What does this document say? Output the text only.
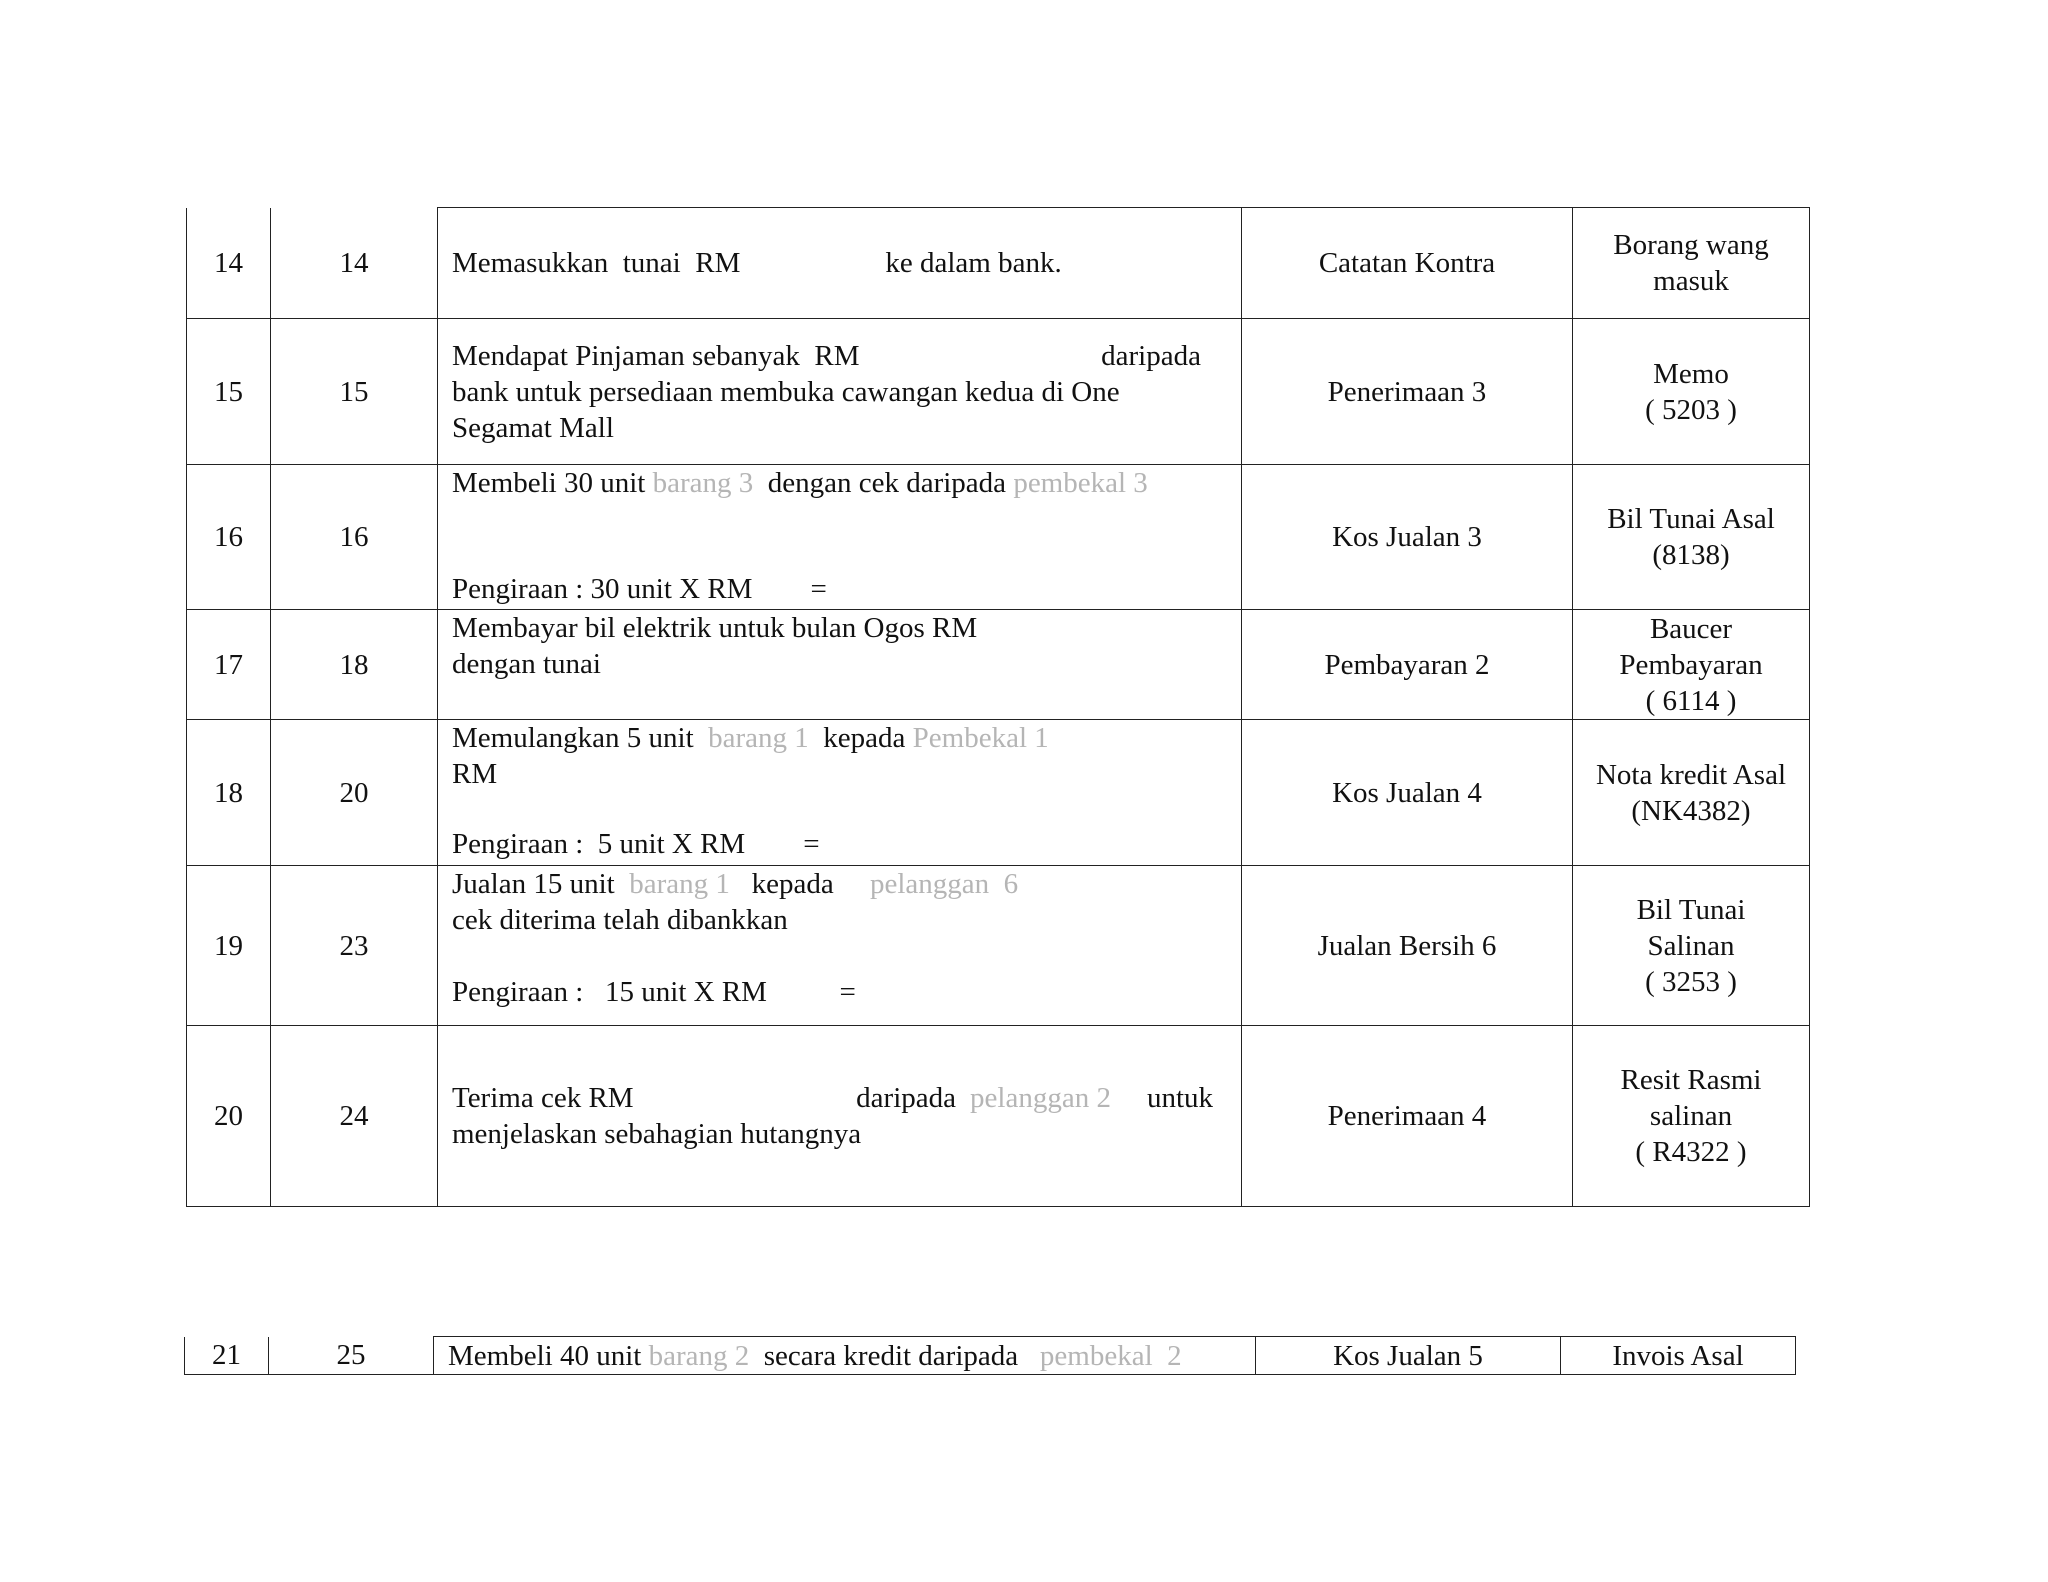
14	14	Memasukkan  tunai  RM                    ke dalam bank.	Catatan Kontra	Borang wang
masuk

15	15	Mendapat Pinjaman sebanyak  RM daripada
bank untuk persediaan membuka cawangan kedua di One
Segamat Mall	Penerimaan 3	Memo
( 5203 )

16	16	Membeli 30 unit barang 3  dengan cek daripada pembekal 3
Pengiraan : 30 unit X RM        =	Kos Jualan 3	Bil Tunai Asal
(8138)

17	18	Membayar bil elektrik untuk bulan Ogos RM
dengan tunai	Pembayaran 2	Baucer
Pembayaran
( 6114 )

18	20	Memulangkan 5 unit  barang 1  kepada Pembekal 1
RM
Pengiraan :  5 unit X RM        =	Kos Jualan 4	Nota kredit Asal
(NK4382)

19	23	Jualan 15 unit  barang 1   kepada     pelanggan  6
cek diterima telah dibankkan
Pengiraan :   15 unit X RM          =	Jualan Bersih 6	Bil Tunai
Salinan
( 3253 )

20	24	Terima cek RM daripada pelanggan 2 untuk
menjelaskan sebahagian hutangnya	Penerimaan 4	Resit Rasmi
salinan
( R4322 )
21	25	Membeli 40 unit barang 2  secara kredit daripada   pembekal  2	Kos Jualan 5	Invois Asal
